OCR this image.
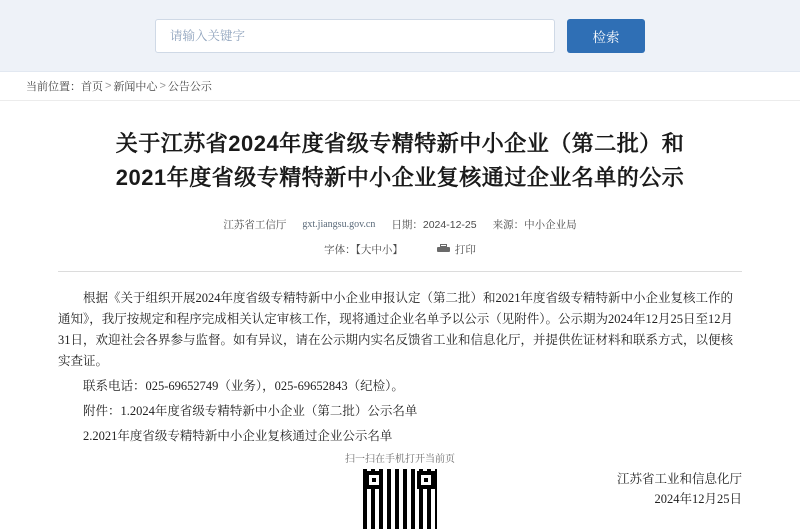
请输入关键字
检索
当前位置： 首页 > 新闻中心 > 公告公示
关于江苏省2024年度省级专精特新中小企业（第二批）和
2021年度省级专精特新中小企业复核通过企业名单的公示
江苏省工信厅 gxt.jiangsu.gov.cn 日期：2024-12-25 来源：中小企业局
字体：【大中小】	打印

根据《关于组织开展2024年度省级专精特新中小企业申报认定（第二批）和2021年度省级专精特新中小企业复核工作的通知》，我厅按规定和程序完成相关认定审核工作，现将通过企业名单予以公示（见附件）。公示期为2024年12月25日至12月31日，欢迎社会各界参与监督。如有异议，请在公示期内实名反馈省工业和信息化厅，并提供佐证材料和联系方式，以便核实查证。

联系电话：025-69652749（业务），025-69652843（纪检）。

附件：1.2024年度省级专精特新中小企业（第二批）公示名单

2.2021年度省级专精特新中小企业复核通过企业公示名单

江苏省工业和信息化厅
2024年12月25日
扫一扫在手机打开当前页
